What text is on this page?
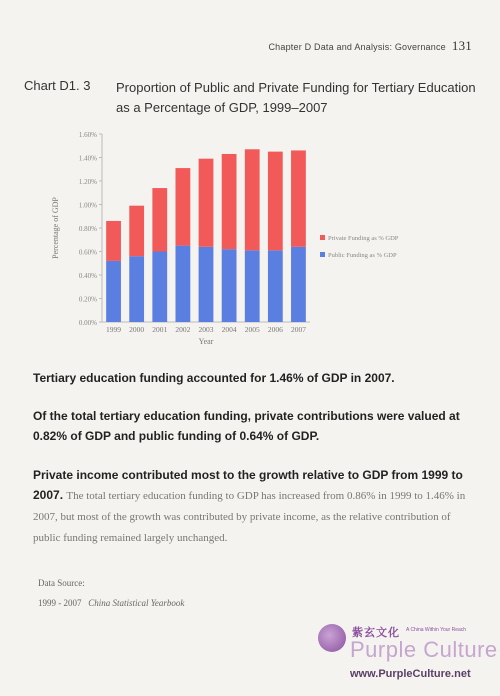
Chapter D Data and Analysis: Governance 131
Chart D1. 3 Proportion of Public and Private Funding for Tertiary Education as a Percentage of GDP, 1999–2007
0.00%
0.20%
0.40%
0.60%
0.80%
1.00%
1.20%
1.40%
1.60%
Percentage of GDP
1999 2000 2001 2002 2003 2004 2005 2006 2007
Year
Private Funding as % GDP
Public Funding as % GDP
Tertiary education funding accounted for 1.46% of GDP in 2007.
Of the total tertiary education funding, private contributions were valued at 0.82% of GDP and public funding of 0.64% of GDP.
Private income contributed most to the growth relative to GDP from 1999 to 2007. The total tertiary education funding to GDP has increased from 0.86% in 1999 to 1.46% in 2007, but most of the growth was contributed by private income, as the relative contribution of public funding remained largely unchanged.
Data Source:
1999 - 2007 China Statistical Yearbook
紫玄文化 A China Within Your Reach
Purple Culture
www.PurpleCulture.net
